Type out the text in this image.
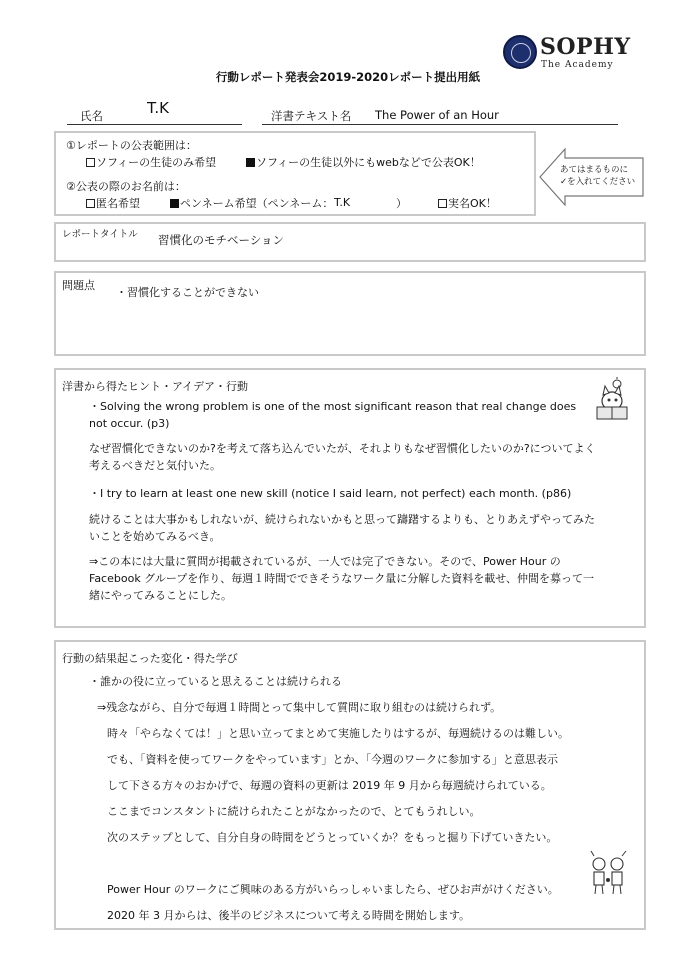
SOPHY
The Academy
行動レポート発表会2019-2020レポート提出用紙
氏名	T.K	洋書テキスト名 The Power of an Hour
①レポートの公表範囲は：
ソフィーの生徒のみ希望	ソフィーの生徒以外にもwebなどで公表OK！
②公表の際のお名前は：
匿名希望	ペンネーム希望（ペンネーム： T.K	）	実名OK！
あてはまるものに
✓を入れてください
レポートタイトル 習慣化のモチベーション
問題点
・習慣化することができない
洋書から得たヒント・アイデア・行動
・Solving the wrong problem is one of the most significant reason that real change does not occur. (p3)
なぜ習慣化できないのか?を考えて落ち込んでいたが、それよりもなぜ習慣化したいのか?についてよく考えるべきだと気付いた。
・I try to learn at least one new skill (notice I said learn, not perfect) each month. (p86)
続けることは大事かもしれないが、続けられないかもと思って躊躇するよりも、とりあえずやってみたいことを始めてみるべき。
⇒この本には大量に質問が掲載されているが、一人では完了できない。そので、Power Hour の Facebook グループを作り、毎週１時間でできそうなワーク量に分解した資料を載せ、仲間を募って一緒にやってみることにした。
行動の結果起こった変化・得た学び
・誰かの役に立っていると思えることは続けられる
⇒残念ながら、自分で毎週１時間とって集中して質問に取り組むのは続けられず。
時々「やらなくては！」と思い立ってまとめて実施したりはするが、毎週続けるのは難しい。
でも、「資料を使ってワークをやっています」とか、「今週のワークに参加する」と意思表示
して下さる方々のおかげで、毎週の資料の更新は 2019 年 9 月から毎週続けられている。
ここまでコンスタントに続けられたことがなかったので、とてもうれしい。
次のステップとして、自分自身の時間をどうとっていくか？をもっと掘り下げていきたい。
Power Hour のワークにご興味のある方がいらっしゃいましたら、ぜひお声がけください。
2020 年 3 月からは、後半のビジネスについて考える時間を開始します。
